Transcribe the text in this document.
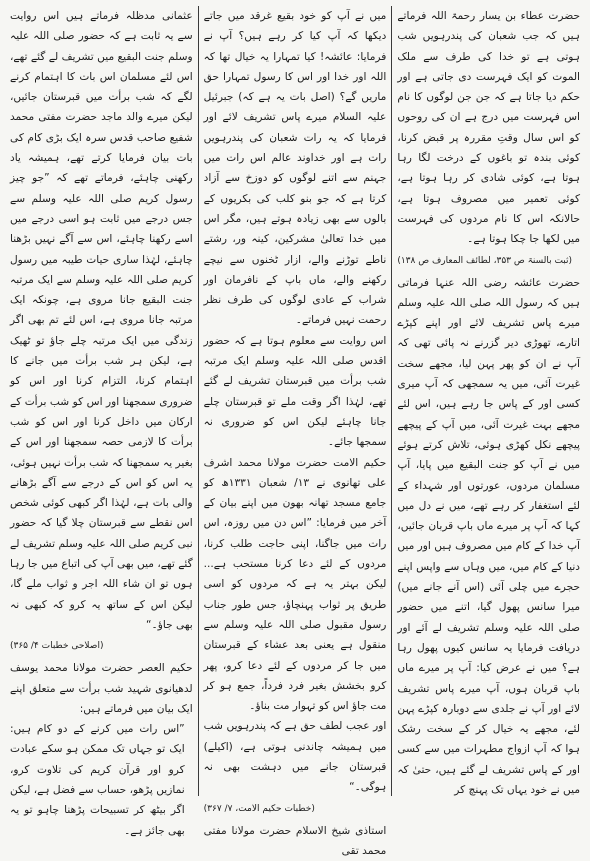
حضرت عطاء بن یسار رحمۃ اللہ فرماتے ہیں کہ جب شعبان کی پندرہویں شب ہوتی ہے تو خدا کی طرف سے ملک الموت کو ایک فہرست دی جاتی ہے اور حکم دیا جاتا ہے کہ جن جن لوگوں کا نام اس فہرست میں درج ہے ان کی روحوں کو اس سال وقتِ مقررہ پر قبض کرنا، کوئی بندہ تو باغوں کے درخت لگا رہا ہوتا ہے، کوئی شادی کر رہا ہوتا ہے، کوئی تعمیر میں مصروف ہوتا ہے، حالانکہ اس کا نام مردوں کی فہرست میں لکھا جا چکا ہوتا ہے۔

(ثبت بالسنۃ ص ۳۵۳، لطائف المعارف ص ۱۳۸)

حضرت عائشہ رضی اللہ عنہا فرماتی ہیں کہ رسول اللہ صلی اللہ علیہ وسلم میرے پاس تشریف لائے اور اپنے کپڑے اتارے، تھوڑی دیر گزرنے نہ پائی تھی کہ آپ نے ان کو پھر پہن لیا، مجھے سخت غیرت آئی، میں یہ سمجھی کہ آپ میری کسی اور کے پاس جا رہے ہیں، اس لئے مجھے بہت غیرت آئی، میں آپ کے پیچھے پیچھے نکل کھڑی ہوئی، تلاش کرتے ہوئے میں نے آپ کو جنت البقیع میں پایا، آپ مسلمان مردوں، عورتوں اور شہداء کے لئے استغفار کر رہے تھے، میں نے دل میں کہا کہ آپ پر میرے ماں باپ قربان جائیں، آپ خدا کے کام میں مصروف ہیں اور میں دنیا کے کام میں، میں وہاں سے واپس اپنے حجرے میں چلی آئی (اس آنے جانے میں) میرا سانس پھول گیا، اتنے میں حضور صلی اللہ علیہ وسلم تشریف لے آئے اور دریافت فرمایا یہ سانس کیوں پھول رہا ہے؟ میں نے عرض کیا: آپ پر میرے ماں باپ قربان ہوں، آپ میرے پاس تشریف لائے اور آپ نے جلدی سے دوبارہ کپڑے پہن لئے، مجھے یہ خیال کر کے سخت رشک ہوا کہ آپ ازواج مطہرات میں سے کسی اور کے پاس تشریف لے گئے ہیں، حتیٰ کہ میں نے خود یہاں تک پہنچ کر

میں نے آپ کو خود بقیع غرقد میں جاتے دیکھا کہ آپ کیا کر رہے ہیں؟ آپ نے فرمایا: عائشہ! کیا تمہارا یہ خیال تھا کہ اللہ اور خدا اور اس کا رسول تمہارا حق ماریں گے؟ (اصل بات یہ ہے کہ) جبرئیل علیہ السلام میرے پاس تشریف لائے اور فرمایا کہ یہ رات شعبان کی پندرہویں رات ہے اور خداوند عالم اس رات میں جہنم سے اتنے لوگوں کو دوزخ سے آزاد کرتا ہے کہ جو بنو کلب کی بکریوں کے بالوں سے بھی زیادہ ہوتے ہیں، مگر اس میں خدا تعالیٰ مشرکین، کینہ ور، رشتے ناطے توڑنے والے، ازار ٹخنوں سے نیچے رکھنے والے، ماں باپ کے نافرمان اور شراب کے عادی لوگوں کی طرف نظر رحمت نہیں فرماتے۔

اس روایت سے معلوم ہوتا ہے کہ حضور اقدس صلی اللہ علیہ وسلم ایک مرتبہ شب برأت میں قبرستان تشریف لے گئے تھے، لہٰذا اگر وقت ملے تو قبرستان چلے جانا چاہئے لیکن اس کو ضروری نہ سمجھا جائے۔

حکیم الامت حضرت مولانا محمد اشرف علی تھانوی نے ۱۳/ شعبان ۱۳۳۱ھ کو جامع مسجد تھانہ بھون میں اپنے بیان کے آخر میں فرمایا: ”اس دن میں روزہ، اس رات میں جاگنا، اپنی حاجت طلب کرنا، مردوں کے لئے دعا کرنا مستحب ہے... لیکن بہتر یہ ہے کہ مردوں کو اسی طریق پر ثواب پہنچاؤ، جس طور جناب رسول مقبول صلی اللہ علیہ وسلم سے منقول ہے یعنی بعد عشاء کے قبرستان میں جا کر مردوں کے لئے دعا کرو، پھر کرو بخشش بغیر فرد فرداً، جمع ہو کر مت جاؤ اس کو تہوار مت بناؤ۔

اور عجب لطف حق ہے کہ پندرہویں شب میں ہمیشہ چاندنی ہوتی ہے، (اکیلے) قبرستان جانے میں دہشت بھی نہ ہوگی۔“

(خطبات حکیم الامت، ۷/ ۳۶۷)

استاذی شیخ الاسلام حضرت مولانا مفتی محمد تقی

عثمانی مدظلہ فرماتے ہیں اس روایت سے یہ ثابت ہے کہ حضور صلی اللہ علیہ وسلم جنت البقیع میں تشریف لے گئے تھے، اس لئے مسلمان اس بات کا اہتمام کرنے لگے کہ شب برأت میں قبرستان جائیں، لیکن میرے والد ماجد حضرت مفتی محمد شفیع صاحب قدس سرہ ایک بڑی کام کی بات بیان فرمایا کرتے تھے، ہمیشہ یاد رکھنی چاہئے، فرماتے تھے کہ ”جو چیز رسول کریم صلی اللہ علیہ وسلم سے جس درجے میں ثابت ہو اسی درجے میں اسے رکھنا چاہئے، اس سے آگے نہیں بڑھنا چاہئے، لہٰذا ساری حیات طیبہ میں رسول کریم صلی اللہ علیہ وسلم سے ایک مرتبہ جنت البقیع جانا مروی ہے، چونکہ ایک مرتبہ جانا مروی ہے، اس لئے تم بھی اگر زندگی میں ایک مرتبہ چلے جاؤ تو ٹھیک ہے، لیکن ہر شب برأت میں جانے کا اہتمام کرنا، التزام کرنا اور اس کو ضروری سمجھنا اور اس کو شب برأت کے ارکان میں داخل کرنا اور اس کو شب برأت کا لازمی حصہ سمجھنا اور اس کے بغیر یہ سمجھنا کہ شب برأت نہیں ہوئی، یہ اس کو اس کے درجے سے آگے بڑھانے والی بات ہے، لہٰذا اگر کبھی کوئی شخص اس نقطے سے قبرستان چلا گیا کہ حضور نبی کریم صلی اللہ علیہ وسلم تشریف لے گئے تھے، میں بھی آپ کی اتباع میں جا رہا ہوں تو ان شاء اللہ اجر و ثواب ملے گا، لیکن اس کے ساتھ یہ کرو کہ کبھی نہ بھی جاؤ۔“

(اصلاحی خطبات ۴/ ۳۶۵)

حکیم العصر حضرت مولانا محمد یوسف لدھیانوی شہید شب برأت سے متعلق اپنے ایک بیان میں فرماتے ہیں:

”اس رات میں کرنے کے دو کام ہیں: ایک تو جہاں تک ممکن ہو سکے عبادت کرو اور قرآن کریم کی تلاوت کرو، نمازیں پڑھو، حساب سے فضل ہے، لیکن اگر بیٹھ کر تسبیحات پڑھنا چاہو تو یہ بھی جائز ہے۔
